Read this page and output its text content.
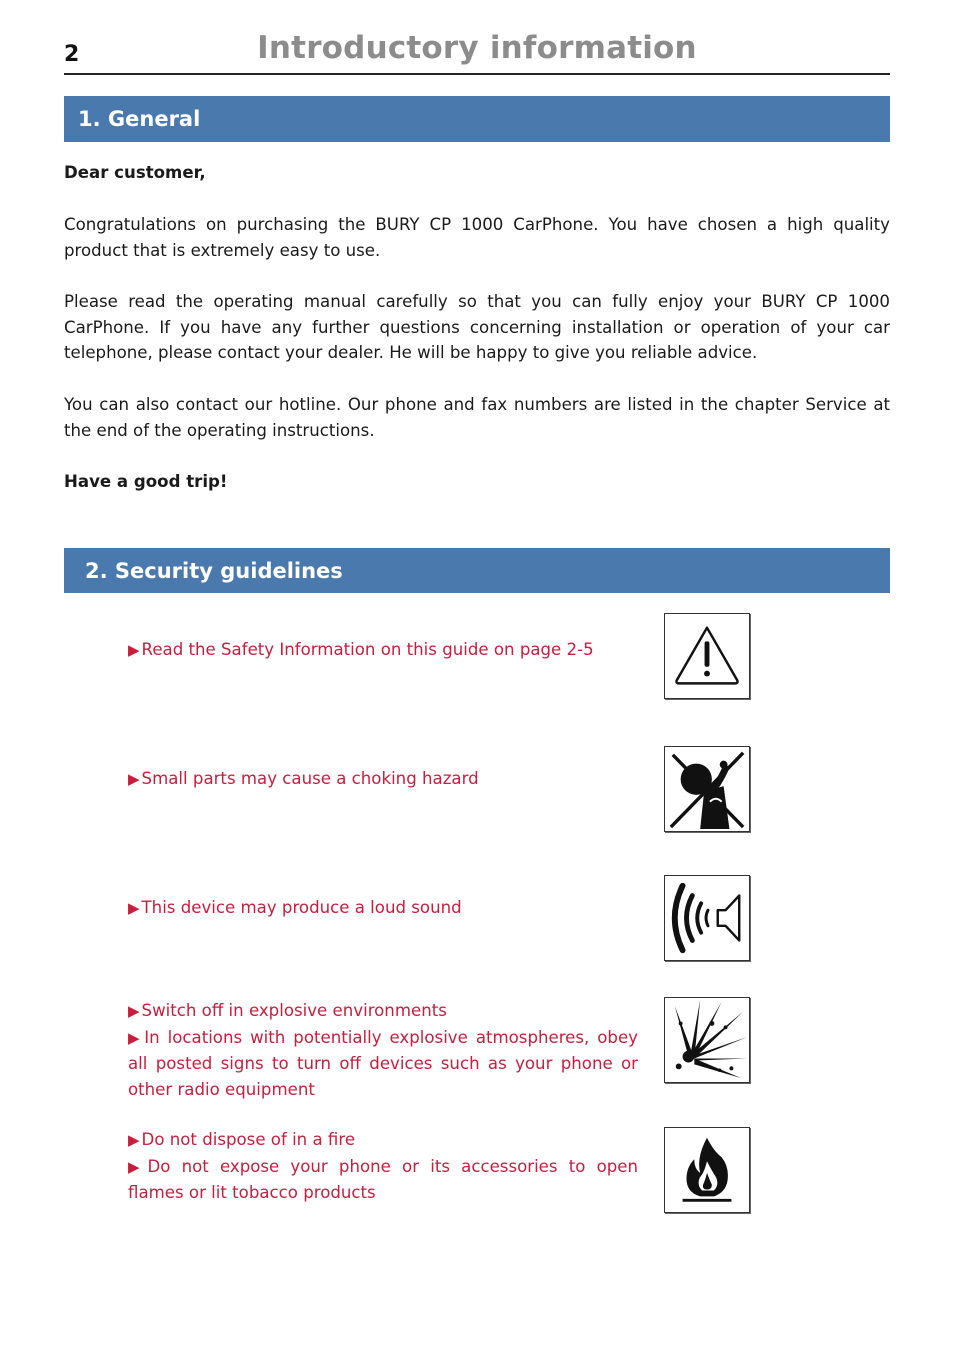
2	Introductory information
1. General
Dear customer,
Congratulations on purchasing the BURY CP 1000 CarPhone. You have chosen a high quality product that is extremely easy to use.
Please read the operating manual carefully so that you can fully enjoy your BURY CP 1000 CarPhone. If you have any further questions concerning installation or operation of your car telephone, please contact your dealer. He will be happy to give you reliable advice.
You can also contact our hotline. Our phone and fax numbers are listed in the chapter Service at the end of the operating instructions.
Have a good trip!
2. Security guidelines
▶ Read the Safety Information on this guide on page 2-5
▶ Small parts may cause a choking hazard
▶ This device may produce a loud sound
▶ Switch off in explosive environments
▶ In locations with potentially explosive atmospheres, obey all posted signs to turn off devices such as your phone or other radio equipment
▶ Do not dispose of in a fire
▶ Do not expose your phone or its accessories to open flames or lit tobacco products
